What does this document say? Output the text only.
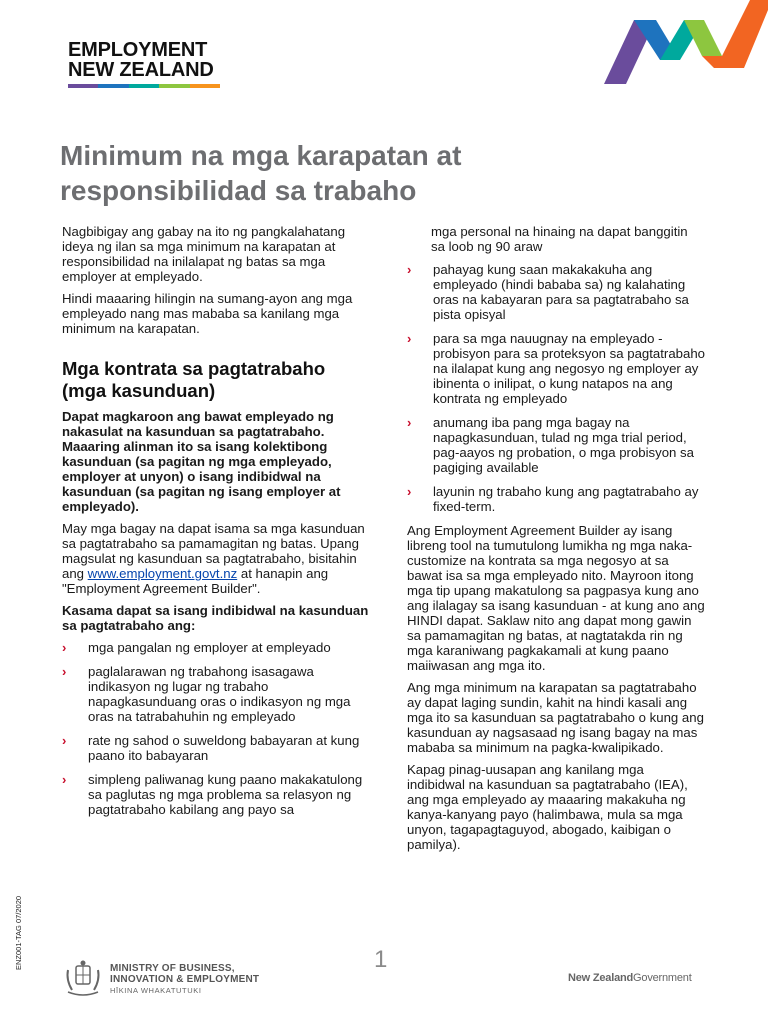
EMPLOYMENT
NEW ZEALAND
Minimum na mga karapatan at responsibilidad sa trabaho

Nagbibigay ang gabay na ito ng pangkalahatang ideya ng ilan sa mga minimum na karapatan at responsibilidad na inilalapat ng batas sa mga employer at empleyado.

Hindi maaaring hilingin na sumang-ayon ang mga empleyado nang mas mababa sa kanilang mga minimum na karapatan.

Mga kontrata sa pagtatrabaho (mga kasunduan)

Dapat magkaroon ang bawat empleyado ng nakasulat na kasunduan sa pagtatrabaho. Maaaring alinman ito sa isang kolektibong kasunduan (sa pagitan ng mga empleyado, employer at unyon) o isang indibidwal na kasunduan (sa pagitan ng isang employer at empleyado).

May mga bagay na dapat isama sa mga kasunduan sa pagtatrabaho sa pamamagitan ng batas. Upang magsulat ng kasunduan sa pagtatrabaho, bisitahin ang www.employment.govt.nz at hanapin ang "Employment Agreement Builder".

Kasama dapat sa isang indibidwal na kasunduan sa pagtatrabaho ang:

› mga pangalan ng employer at empleyado
› paglalarawan ng trabahong isasagawa indikasyon ng lugar ng trabaho napagkasunduang oras o indikasyon ng mga oras na tatrabahuhin ng empleyado
› rate ng sahod o suweldong babayaran at kung paano ito babayaran
› simpleng paliwanag kung paano makakatulong sa paglutas ng mga problema sa relasyon ng pagtatrabaho kabilang ang payo sa

mga personal na hinaing na dapat banggitin sa loob ng 90 araw

› pahayag kung saan makakakuha ang empleyado (hindi bababa sa) ng kalahating oras na kabayaran para sa pagtatrabaho sa pista opisyal
› para sa mga nauugnay na empleyado - probisyon para sa proteksyon sa pagtatrabaho na ilalapat kung ang negosyo ng employer ay ibinenta o inilipat, o kung natapos na ang kontrata ng empleyado
› anumang iba pang mga bagay na napagkasunduan, tulad ng mga trial period, pag-aayos ng probation, o mga probisyon sa pagiging available
› layunin ng trabaho kung ang pagtatrabaho ay fixed-term.

Ang Employment Agreement Builder ay isang libreng tool na tumutulong lumikha ng mga naka-customize na kontrata sa mga negosyo at sa bawat isa sa mga empleyado nito. Mayroon itong mga tip upang makatulong sa pagpasya kung ano ang ilalagay sa isang kasunduan - at kung ano ang HINDI dapat. Saklaw nito ang dapat mong gawin sa pamamagitan ng batas, at nagtatakda rin ng mga karaniwang pagkakamali at kung paano maiiwasan ang mga ito.

Ang mga minimum na karapatan sa pagtatrabaho ay dapat laging sundin, kahit na hindi kasali ang mga ito sa kasunduan sa pagtatrabaho o kung ang kasunduan ay nagsasaad ng isang bagay na mas mababa sa minimum na pagka-kwalipikado.

Kapag pinag-uusapan ang kanilang mga indibidwal na kasunduan sa pagtatrabaho (IEA), ang mga empleyado ay maaaring makakuha ng kanya-kanyang payo (halimbawa, mula sa mga unyon, tagapagtaguyod, abogado, kaibigan o pamilya).

ENZ001-TAG 07/2020	MINISTRY OF BUSINESS,
INNOVATION & EMPLOYMENT
HĪKINA WHAKATUTUKI
1
New ZealandGovernment
